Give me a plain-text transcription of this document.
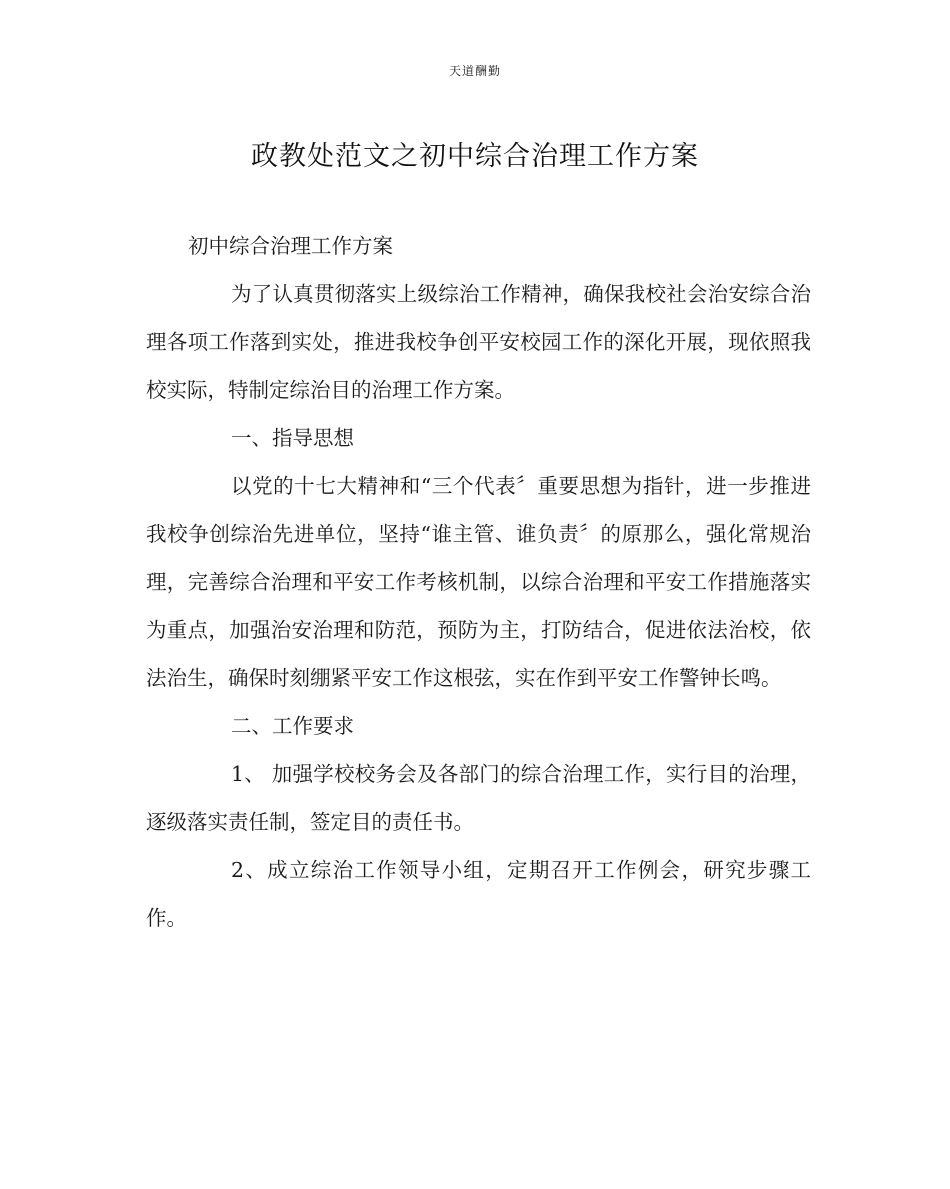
天道酬勤
政教处范文之初中综合治理工作方案

初中综合治理工作方案

为了认真贯彻落实上级综治工作精神，确保我校社会治安综合治理各项工作落到实处，推进我校争创平安校园工作的深化开展，现依照我校实际，特制定综治目的治理工作方案。

一、指导思想

以党的十七大精神和“三个代表〞重要思想为指针，进一步推进我校争创综治先进单位，坚持“谁主管、谁负责〞的原那么，强化常规治理，完善综合治理和平安工作考核机制，以综合治理和平安工作措施落实为重点，加强治安治理和防范，预防为主，打防结合，促进依法治校，依法治生，确保时刻绷紧平安工作这根弦，实在作到平安工作警钟长鸣。

二、工作要求

1、 加强学校校务会及各部门的综合治理工作，实行目的治理， 逐级落实责任制，签定目的责任书。

2、成立综治工作领导小组，定期召开工作例会，研究步骤工作。
